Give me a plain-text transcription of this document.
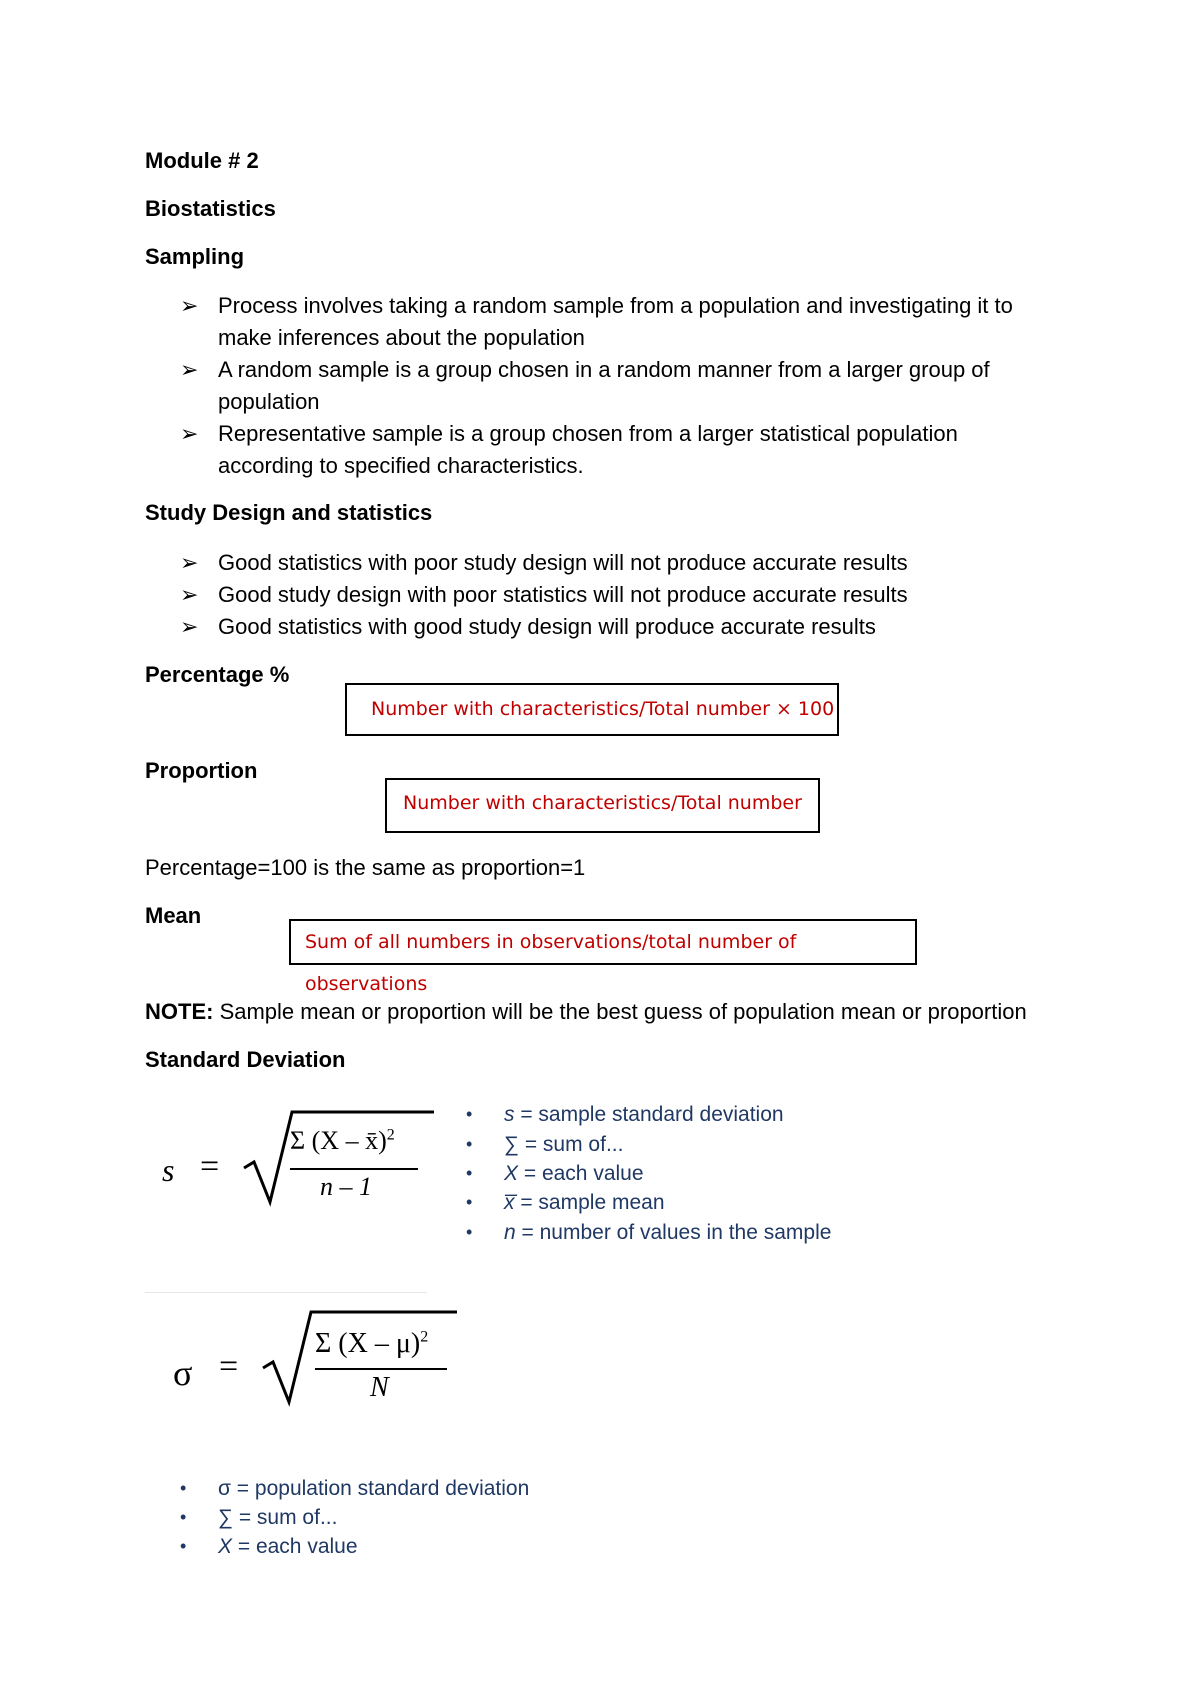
Module # 2
Biostatistics
Sampling
➢ Process involves taking a random sample from a population and investigating it to
make inferences about the population
➢ A random sample is a group chosen in a random manner from a larger group of
population
➢ Representative sample is a group chosen from a larger statistical population
according to specified characteristics.
Study Design and statistics
➢ Good statistics with poor study design will not produce accurate results
➢ Good study design with poor statistics will not produce accurate results
➢ Good statistics with good study design will produce accurate results
Percentage %
Number with characteristics/Total number × 100
Proportion
Number with characteristics/Total number
Percentage=100 is the same as proportion=1
Mean
Sum of all numbers in observations/total number of observations
NOTE: Sample mean or proportion will be the best guess of population mean or proportion
Standard Deviation
s =
Σ (X – x̄)$^2$
n – 1
• s = sample standard deviation
• ∑ = sum of...
• X = each value
• x̅ = sample mean
• n = number of values in the sample
σ =
Σ (X – μ)$^2$
N
• σ = population standard deviation
• ∑ = sum of...
• X = each value
